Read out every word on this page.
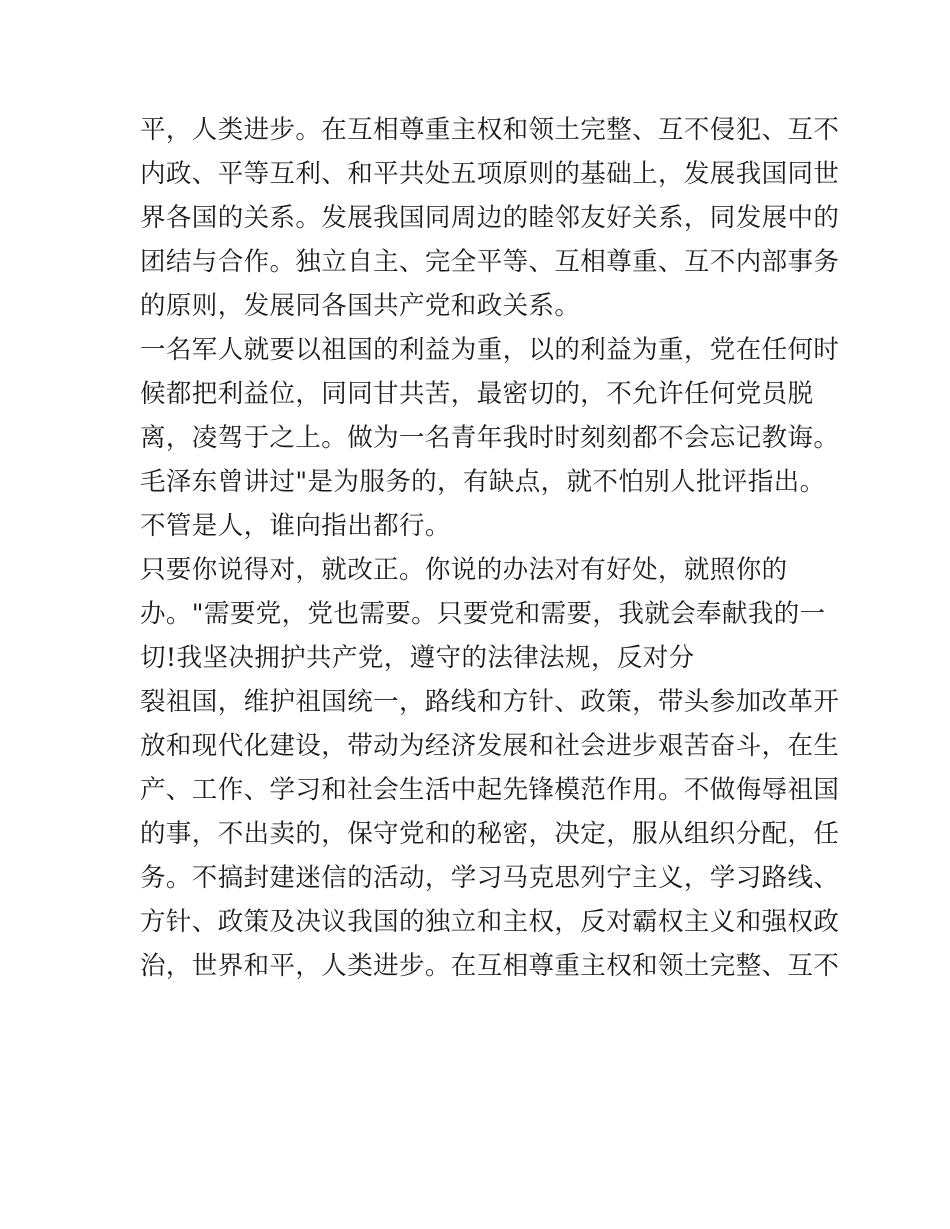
平，人类进步。在互相尊重主权和领土完整、互不侵犯、互不
内政、平等互利、和平共处五项原则的基础上，发展我国同世
界各国的关系。发展我国同周边的睦邻友好关系，同发展中的
团结与合作。独立自主、完全平等、互相尊重、互不内部事务
的原则，发展同各国共产党和政关系。
一名军人就要以祖国的利益为重，以的利益为重，党在任何时
候都把利益位，同同甘共苦，最密切的，不允许任何党员脱
离，凌驾于之上。做为一名青年我时时刻刻都不会忘记教诲。
毛泽东曾讲过"是为服务的，有缺点，就不怕别人批评指出。
不管是人，谁向指出都行。
只要你说得对，就改正。你说的办法对有好处，就照你的
办。"需要党，党也需要。只要党和需要，我就会奉献我的一
切!我坚决拥护共产党，遵守的法律法规，反对分
裂祖国，维护祖国统一，路线和方针、政策，带头参加改革开
放和现代化建设，带动为经济发展和社会进步艰苦奋斗，在生
产、工作、学习和社会生活中起先锋模范作用。不做侮辱祖国
的事，不出卖的，保守党和的秘密，决定，服从组织分配，任
务。不搞封建迷信的活动，学习马克思列宁主义，学习路线、
方针、政策及决议我国的独立和主权，反对霸权主义和强权政
治，世界和平，人类进步。在互相尊重主权和领土完整、互不
